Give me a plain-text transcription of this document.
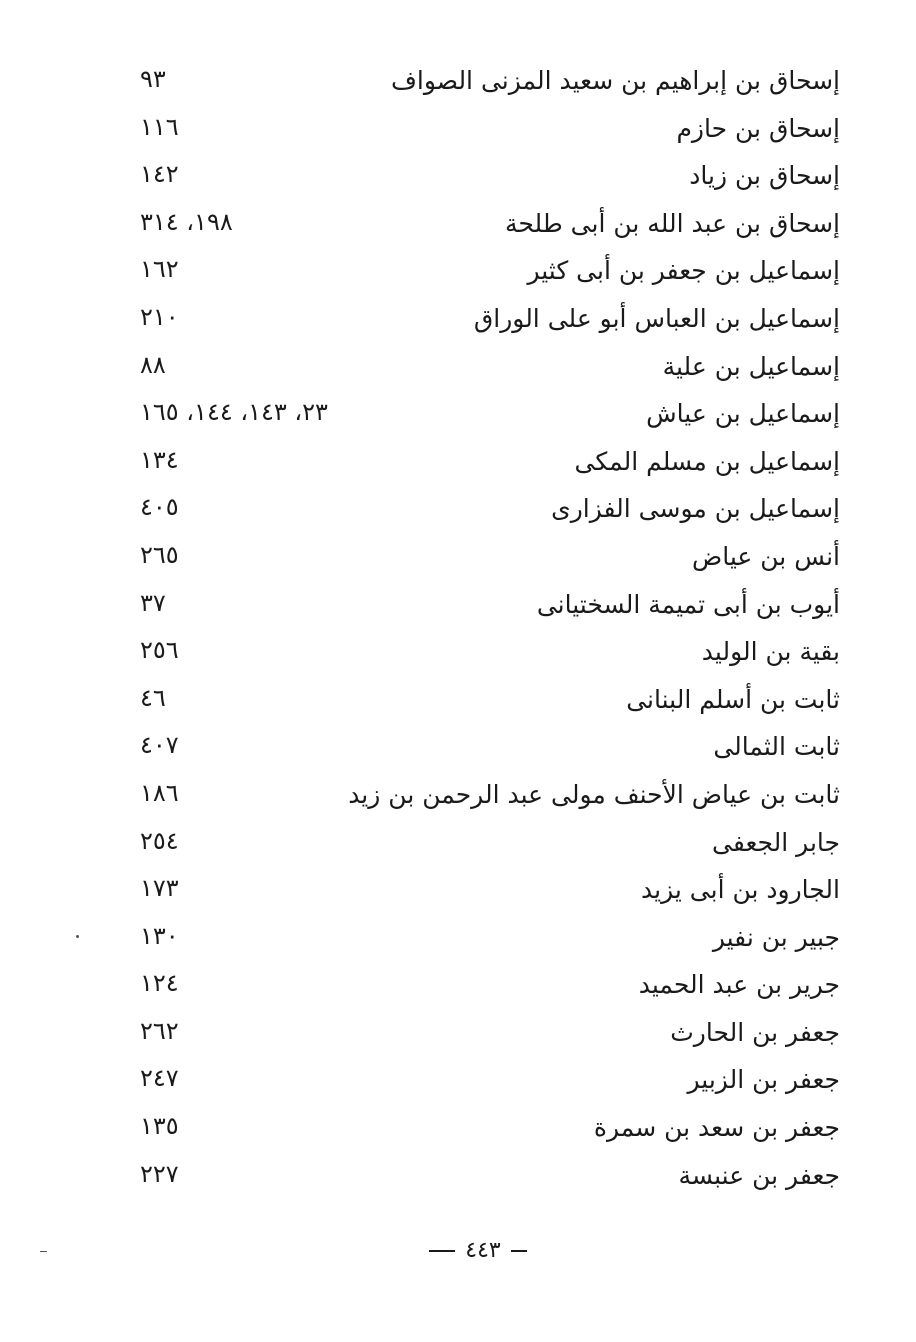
إسحاق بن إبراهيم بن سعيد المزنى الصواف
٩٣
إسحاق بن حازم
١١٦
إسحاق بن زياد
١٤٢
إسحاق بن عبد الله بن أبى طلحة
١٩٨، ٣١٤
إسماعيل بن جعفر بن أبى كثير
١٦٢
إسماعيل بن العباس أبو على الوراق
٢١٠
إسماعيل بن علية
٨٨
إسماعيل بن عياش
٢٣، ١٤٣، ١٤٤، ١٦٥
إسماعيل بن مسلم المكى
١٣٤
إسماعيل بن موسى الفزارى
٤٠٥
أنس بن عياض
٢٦٥
أيوب بن أبى تميمة السختيانى
٣٧
بقية بن الوليد
٢٥٦
ثابت بن أسلم البنانى
٤٦
ثابت الثمالى
٤٠٧
ثابت بن عياض الأحنف مولى عبد الرحمن بن زيد
١٨٦
جابر الجعفى
٢٥٤
الجارود بن أبى يزيد
١٧٣
جبير بن نفير
١٣٠
جرير بن عبد الحميد
١٢٤
جعفر بن الحارث
٢٦٢
جعفر بن الزبير
٢٤٧
جعفر بن سعد بن سمرة
١٣٥
جعفر بن عنبسة
٢٢٧
٤٤٣
